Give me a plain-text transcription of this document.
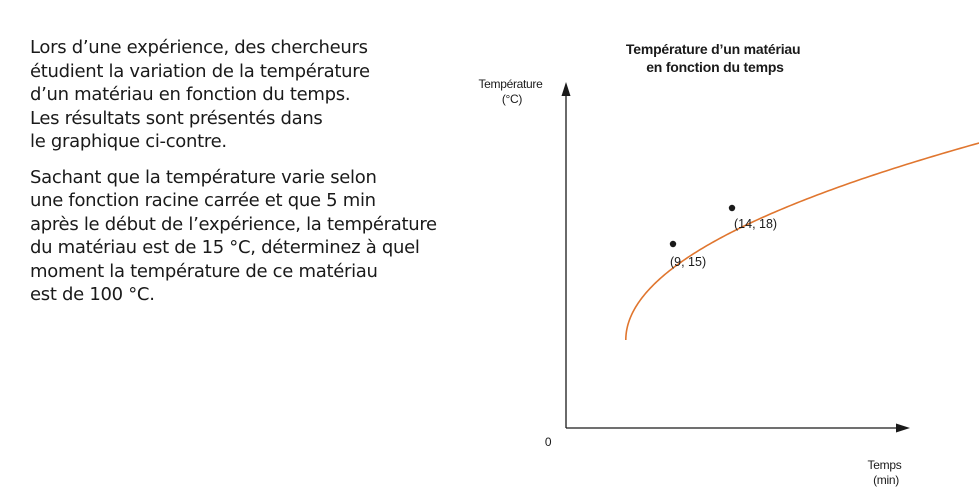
Lors d’une expérience, des chercheurs
étudient la variation de la température
d’un matériau en fonction du temps.
Les résultats sont présentés dans
le graphique ci-contre.

Sachant que la température varie selon
une fonction racine carrée et que 5 min
après le début de l’expérience, la température
du matériau est de 15 °C, déterminez à quel
moment la température de ce matériau
est de 100 °C.

Température d’un matériau en fonction du temps
Température (°C)
0
Temps (min)
(9, 15)
(14, 18)
